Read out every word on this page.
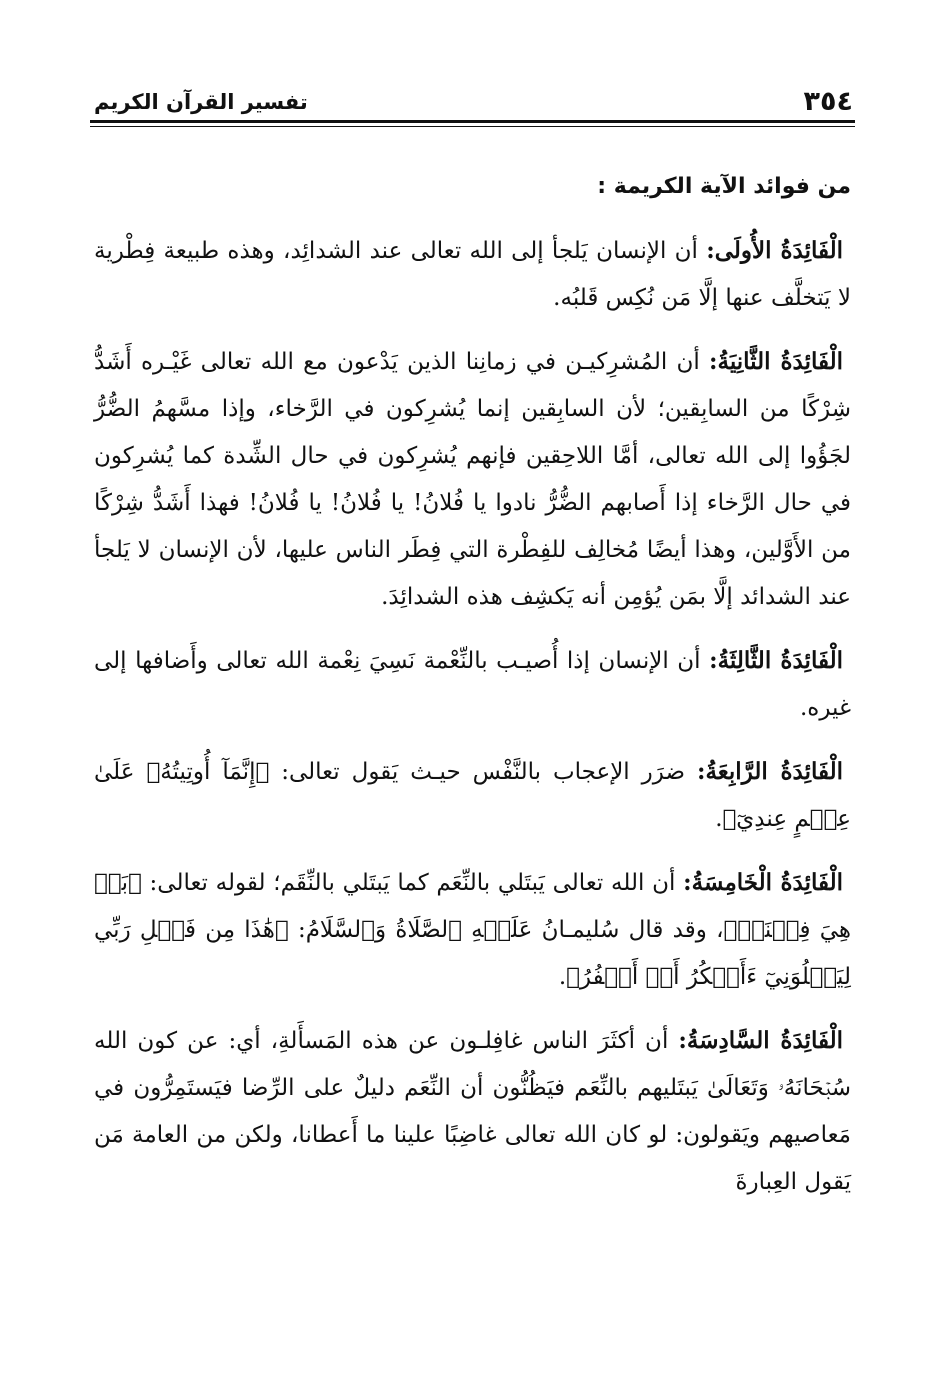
٣٥٤
تفسير القرآن الكريم
من فوائد الآية الكريمة :

الْفَائِدَةُ الأُولَى: أن الإنسان يَلجأ إلى الله تعالى عند الشدائِد، وهذه طبيعة فِطْرية لا يَتخلَّف عنها إلَّا مَن نُكِس قَلبُه.

الْفَائِدَةُ الثَّانِيَةُ: أن المُشرِكيـن في زمانِنا الذين يَدْعون مع الله تعالى غَيْـره أَشَدُّ شِرْكًا من السابِقين؛ لأن السابِقين إنما يُشرِكون في الرَّخاء، وإذا مسَّهمُ الضُّرُّ لجَؤُوا إلى الله تعالى، أمَّا اللاحِقين فإنهم يُشرِكون في حال الشِّدة كما يُشرِكون في حال الرَّخاء إذا أَصابهم الضُّرُّ نادوا يا فُلانُ! يا فُلانُ! يا فُلانُ! فهذا أَشَدُّ شِرْكًا من الأَوَّلين، وهذا أيضًا مُخالِف للفِطْرة التي فِطَر الناس عليها، لأن الإنسان لا يَلجأ عند الشدائد إلَّا بمَن يُؤمِن أنه يَكشِف هذه الشدائِدَ.

الْفَائِدَةُ الثَّالِثَةُ: أن الإنسان إذا أُصيـب بالنِّعْمة نَسِيَ نِعْمة الله تعالى وأَضافها إلى غيره.

الْفَائِدَةُ الرَّابِعَةُ: ضرَر الإعجاب بالنَّفْس حيـث يَقول تعالى: ﴿إِنَّمَآ أُوتِيتُهُۥ عَلَىٰ عِلۡمٍ عِندِيٓ﴾.

الْفَائِدَةُ الْخَامِسَةُ: أن الله تعالى يَبتَلي بالنِّعَم كما يَبتَلي بالنِّقَم؛ لقوله تعالى: ﴿بَلۡ هِيَ فِتۡنَةٞ﴾، وقد قال سُليمـانُ عَلَيۡهِ ٱلصَّلَاةُ وَٱلسَّلَامُ: ﴿هَٰذَا مِن فَضۡلِ رَبِّي لِيَبۡلُوَنِيٓ ءَأَشۡكُرُ أَمۡ أَكۡفُرُ﴾.

الْفَائِدَةُ السَّادِسَةُ: أن أكثَرَ الناس غافِلـون عن هذه المَسأَلةِ، أي: عن كون الله سُبۡحَانَهُۥ وَتَعَالَىٰ يَبتَليهم بالنِّعَم فيَظُنُّون أن النِّعَم دليلٌ على الرِّضا فيَستَمِرُّون في مَعاصيهم ويَقولون: لو كان الله تعالى غاضِبًا علينا ما أَعطانا، ولكن من العامة مَن يَقول العِبارةَ
